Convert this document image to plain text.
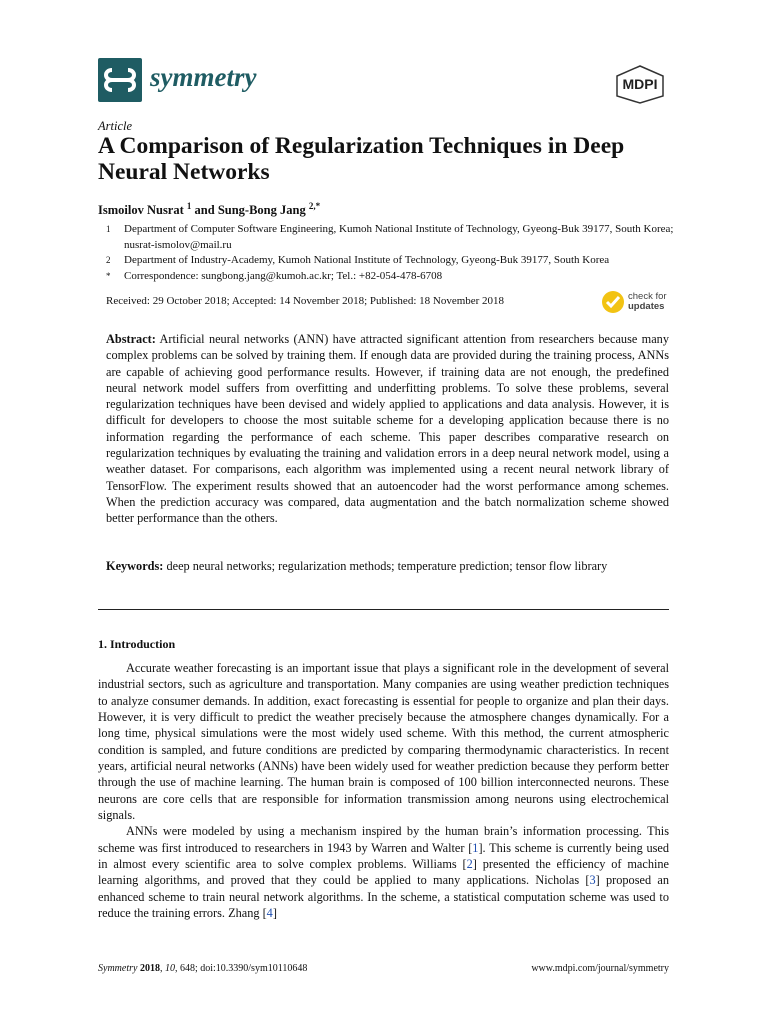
symmetry	MDPI
Article
A Comparison of Regularization Techniques in Deep Neural Networks
Ismoilov Nusrat $^1$ and Sung-Bong Jang $^{2,*}$
1	Department of Computer Software Engineering, Kumoh National Institute of Technology, Gyeong-Buk 39177, South Korea; nusrat-ismolov@mail.ru
2	Department of Industry-Academy, Kumoh National Institute of Technology, Gyeong-Buk 39177, South Korea
*	Correspondence: sungbong.jang@kumoh.ac.kr; Tel.: +82-054-478-6708
Received: 29 October 2018; Accepted: 14 November 2018; Published: 18 November 2018	check for
updates
Abstract: Artificial neural networks (ANN) have attracted significant attention from researchers because many complex problems can be solved by training them. If enough data are provided during the training process, ANNs are capable of achieving good performance results. However, if training data are not enough, the predefined neural network model suffers from overfitting and underfitting problems. To solve these problems, several regularization techniques have been devised and widely applied to applications and data analysis. However, it is difficult for developers to choose the most suitable scheme for a developing application because there is no information regarding the performance of each scheme. This paper describes comparative research on regularization techniques by evaluating the training and validation errors in a deep neural network model, using a weather dataset. For comparisons, each algorithm was implemented using a recent neural network library of TensorFlow. The experiment results showed that an autoencoder had the worst performance among schemes. When the prediction accuracy was compared, data augmentation and the batch normalization scheme showed better performance than the others.
Keywords: deep neural networks; regularization methods; temperature prediction; tensor flow library
1. Introduction

Accurate weather forecasting is an important issue that plays a significant role in the development of several industrial sectors, such as agriculture and transportation. Many companies are using weather prediction techniques to analyze consumer demands. In addition, exact forecasting is essential for people to organize and plan their days. However, it is very difficult to predict the weather precisely because the atmosphere changes dynamically. For a long time, physical simulations were the most widely used scheme. With this method, the current atmospheric condition is sampled, and future conditions are predicted by comparing thermodynamic characteristics. In recent years, artificial neural networks (ANNs) have been widely used for weather prediction because they perform better through the use of machine learning. The human brain is composed of 100 billion interconnected neurons. These neurons are core cells that are responsible for information transmission among neurons using electrochemical signals.

ANNs were modeled by using a mechanism inspired by the human brain’s information processing. This scheme was first introduced to researchers in 1943 by Warren and Walter [1]. This scheme is currently being used in almost every scientific area to solve complex problems. Williams [2] presented the efficiency of machine learning algorithms, and proved that they could be applied to many applications. Nicholas [3] proposed an enhanced scheme to train neural network algorithms. In the scheme, a statistical computation scheme was used to reduce the training errors. Zhang [4]

Symmetry 2018, 10, 648; doi:10.3390/sym10110648	www.mdpi.com/journal/symmetry
